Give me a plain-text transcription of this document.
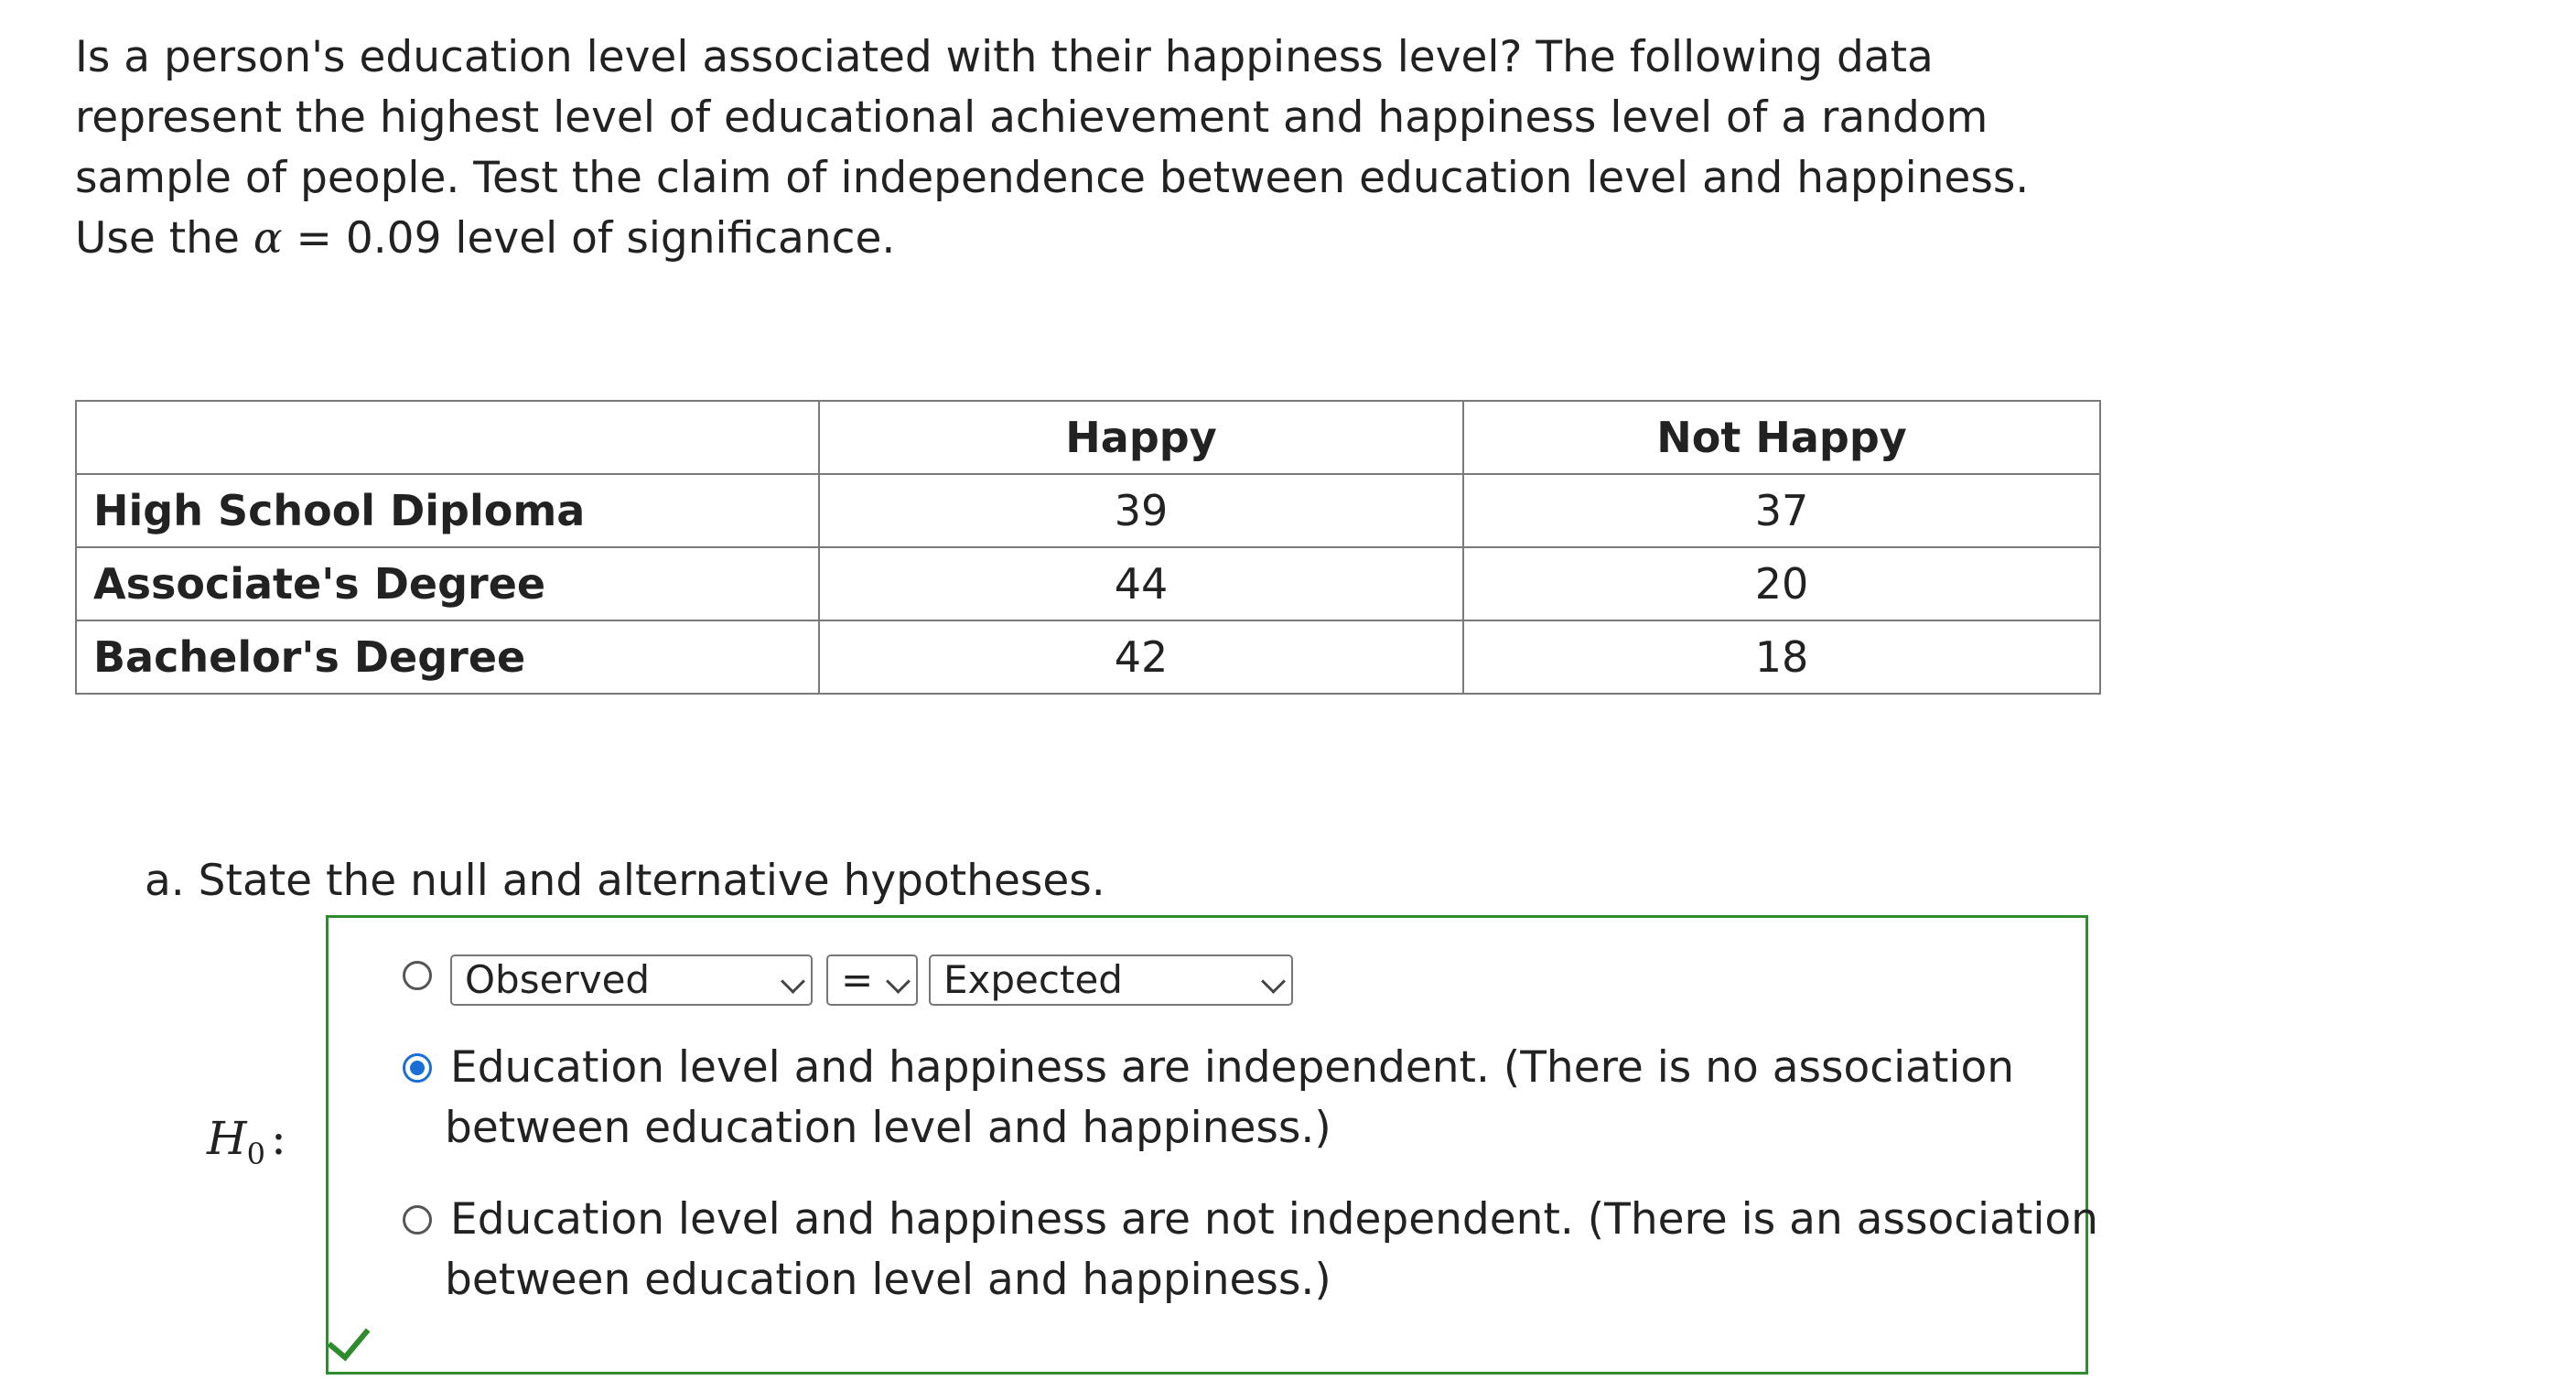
Is a person's education level associated with their happiness level? The following data represent the highest level of educational achievement and happiness level of a random sample of people. Test the claim of independence between education level and happiness. Use the α = 0.09 level of significance.

	Happy	Not Happy
High School Diploma	39	37
Associate's Degree	44	20
Bachelor's Degree	42	18
a. State the null and alternative hypotheses.
$H_0$ :
Observed	=	Expected
Education level and happiness are independent. (There is no association
between education level and happiness.)
Education level and happiness are not independent. (There is an association
between education level and happiness.)
